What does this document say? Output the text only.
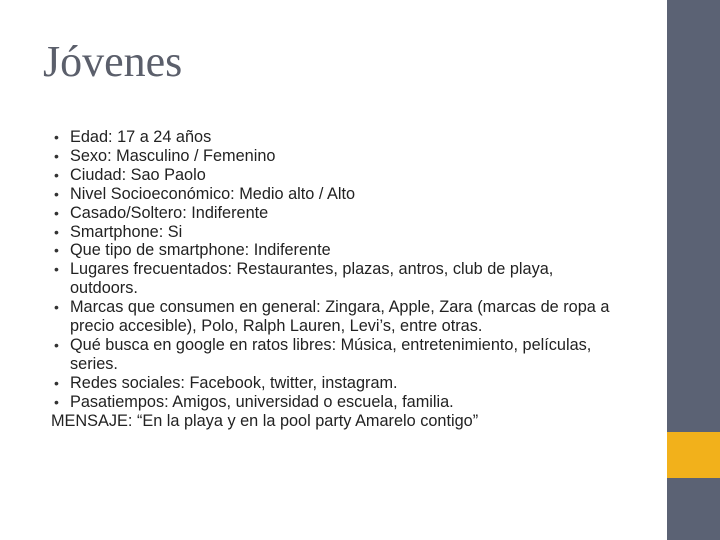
Jóvenes
• Edad: 17 a 24 años
• Sexo: Masculino / Femenino
• Ciudad: Sao Paolo
• Nivel Socioeconómico: Medio alto / Alto
• Casado/Soltero: Indiferente
• Smartphone: Si
• Que tipo de smartphone: Indiferente
• Lugares frecuentados: Restaurantes, plazas, antros, club de playa, outdoors.
• Marcas que consumen en general: Zingara, Apple, Zara (marcas de ropa a precio accesible), Polo, Ralph Lauren, Levi’s, entre otras.
• Qué busca en google en ratos libres: Música, entretenimiento, películas, series.
• Redes sociales: Facebook, twitter, instagram.
• Pasatiempos: Amigos, universidad o escuela, familia.

MENSAJE: “En la playa y en la pool party Amarelo contigo”
